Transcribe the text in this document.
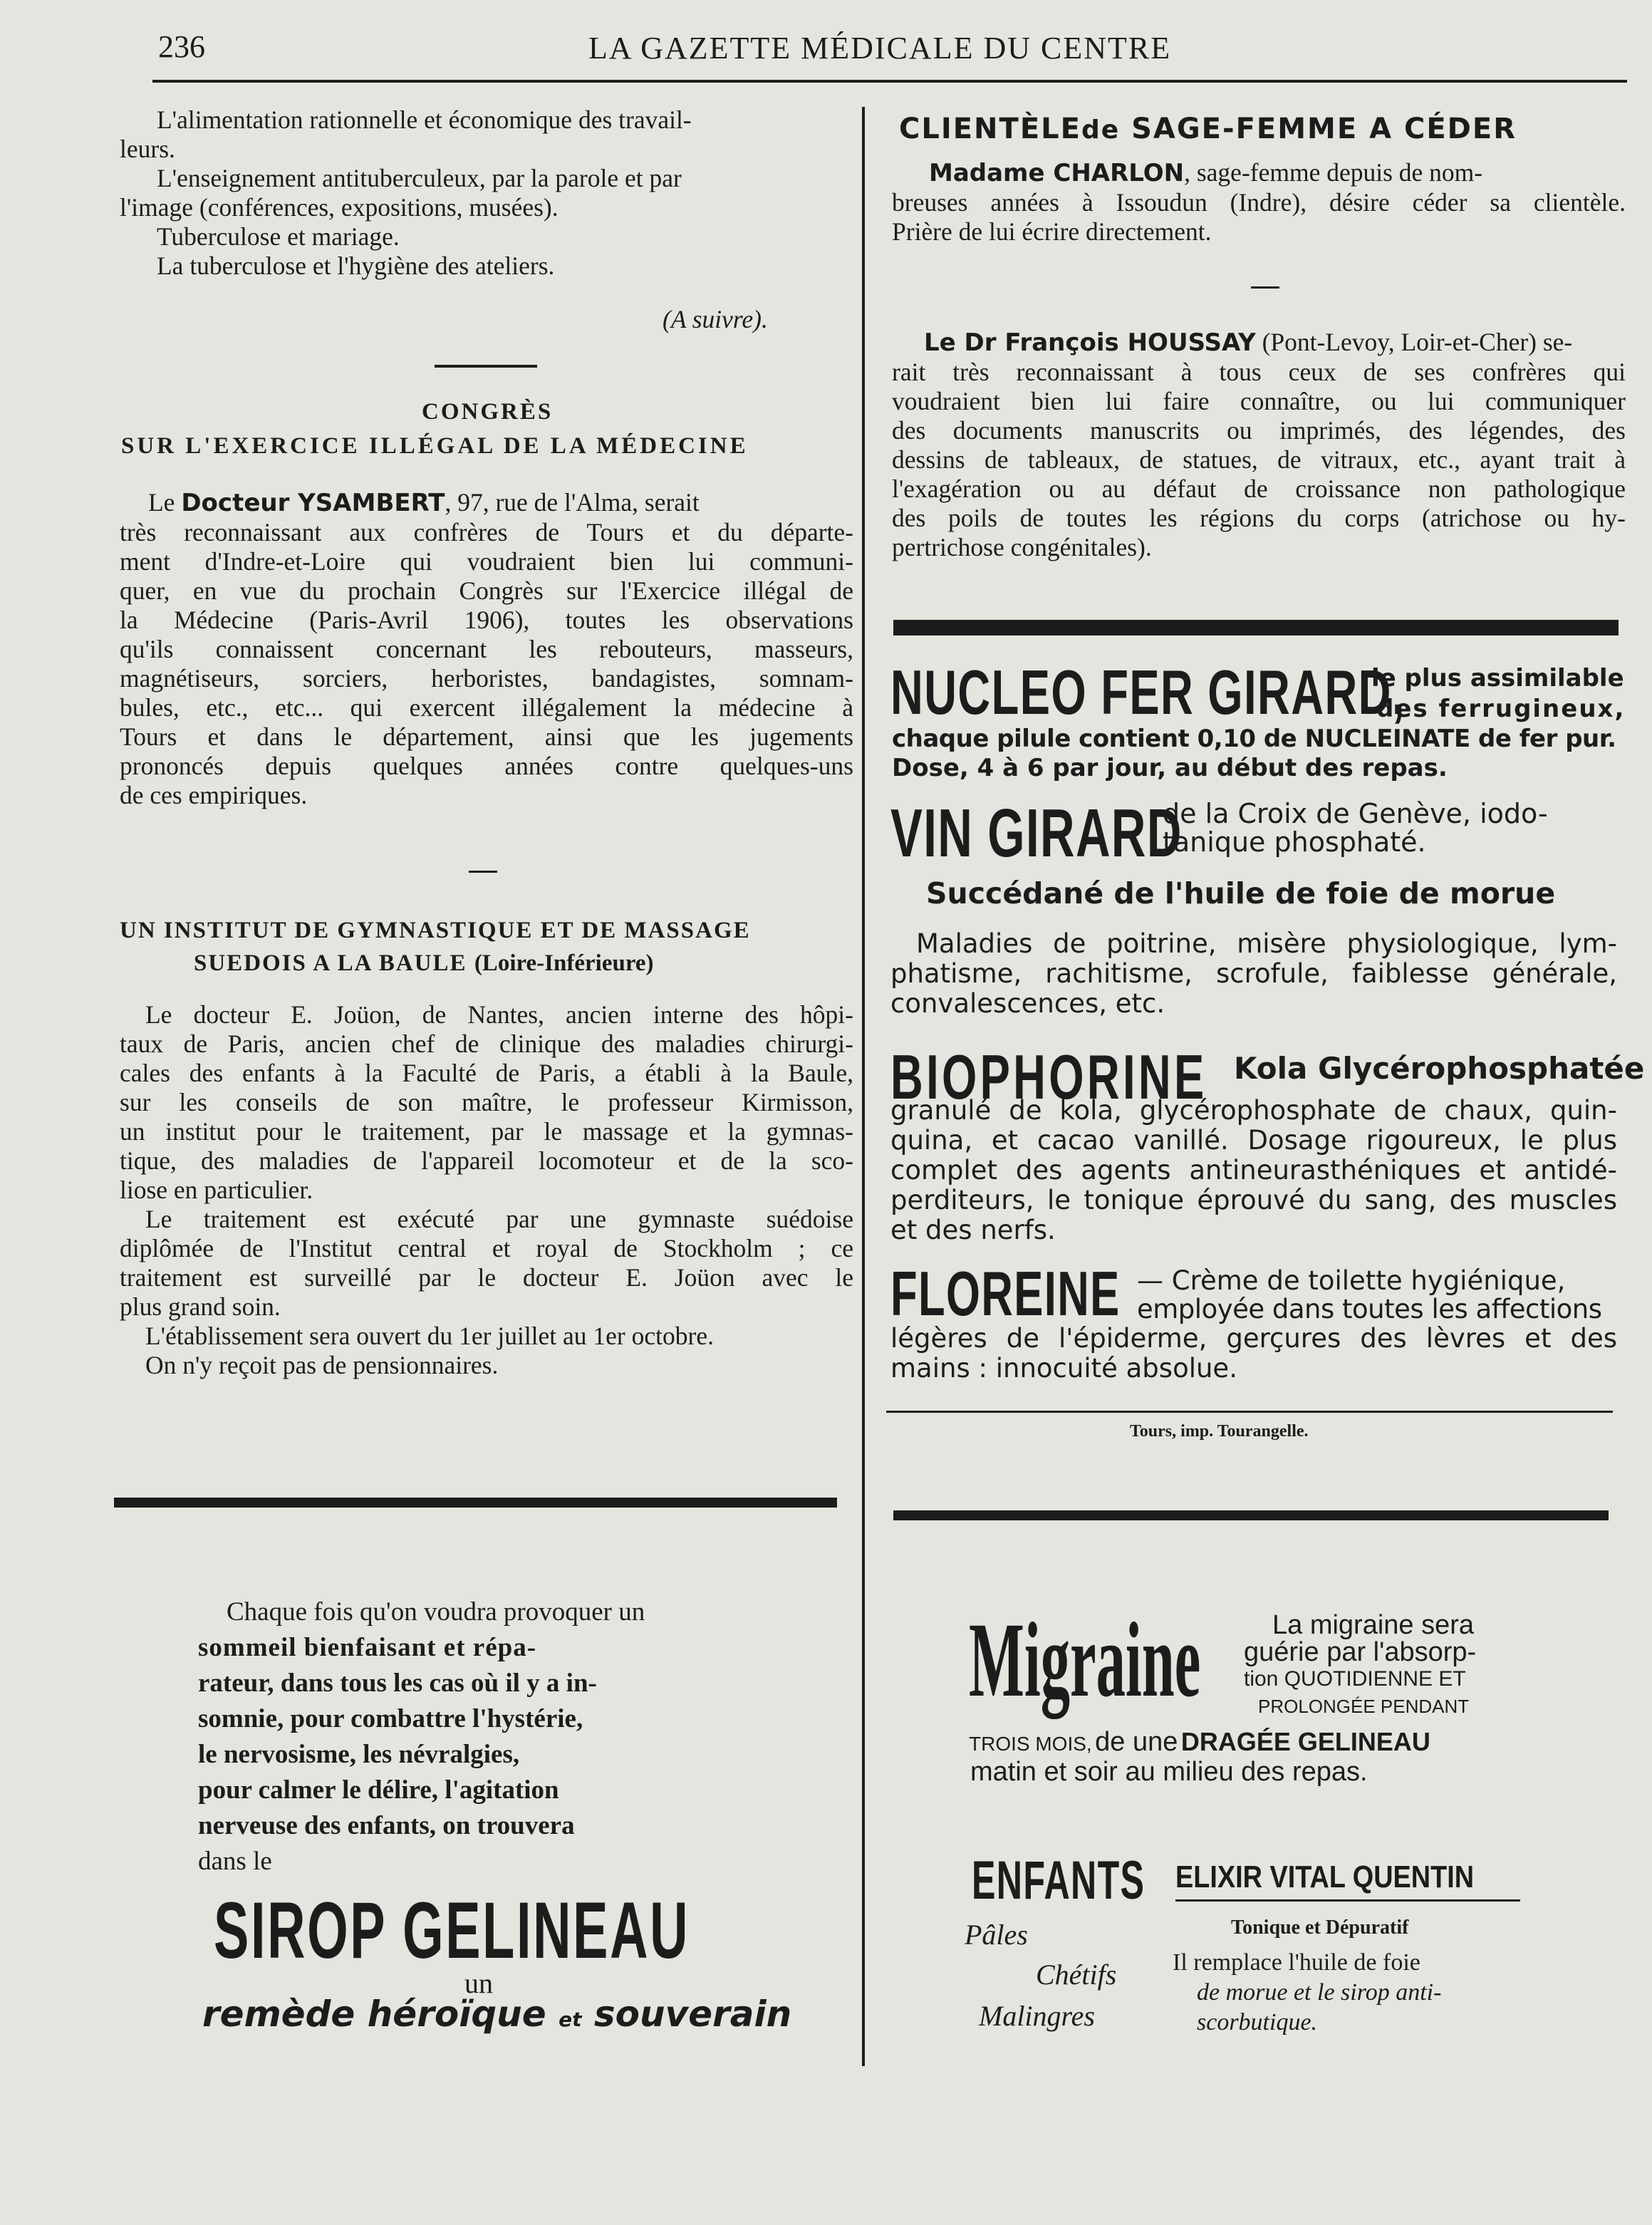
236	LA GAZETTE MÉDICALE DU CENTRE
L'alimentation rationnelle et économique des travail-
leurs.
L'enseignement antituberculeux, par la parole et par
l'image (conférences, expositions, musées).
Tuberculose et mariage.
La tuberculose et l'hygiène des ateliers.
(A suivre).
CONGRÈS
SUR L'EXERCICE ILLÉGAL DE LA MÉDECINE
Le Docteur YSAMBERT, 97, rue de l'Alma, serait
très reconnaissant aux confrères de Tours et du départe-
ment d'Indre-et-Loire qui voudraient bien lui communi-
quer, en vue du prochain Congrès sur l'Exercice illégal de
la Médecine (Paris-Avril 1906), toutes les observations
qu'ils connaissent concernant les rebouteurs, masseurs,
magnétiseurs, sorciers, herboristes, bandagistes, somnam-
bules, etc., etc... qui exercent illégalement la médecine à
Tours et dans le département, ainsi que les jugements
prononcés depuis quelques années contre quelques-uns
de ces empiriques.
UN INSTITUT DE GYMNASTIQUE ET DE MASSAGE
SUEDOIS A LA BAULE (Loire-Inférieure)
Le docteur E. Joüon, de Nantes, ancien interne des hôpi-
taux de Paris, ancien chef de clinique des maladies chirurgi-
cales des enfants à la Faculté de Paris, a établi à la Baule,
sur les conseils de son maître, le professeur Kirmisson,
un institut pour le traitement, par le massage et la gymnas-
tique, des maladies de l'appareil locomoteur et de la sco-
liose en particulier.
Le traitement est exécuté par une gymnaste suédoise
diplômée de l'Institut central et royal de Stockholm ; ce
traitement est surveillé par le docteur E. Joüon avec le
plus grand soin.
L'établissement sera ouvert du 1er juillet au 1er octobre.
On n'y reçoit pas de pensionnaires.
Chaque fois qu'on voudra provoquer un
sommeil bienfaisant et répa-
rateur, dans tous les cas où il y a in-
somnie, pour combattre l'hystérie,
le nervosisme, les névralgies,
pour calmer le délire, l'agitation
nerveuse des enfants, on trouvera
dans le
SIROP GELINEAU
un
remède héroïque et souverain
CLIENTÈLEde SAGE-FEMME A CÉDER
Madame CHARLON, sage-femme depuis de nom-
breuses années à Issoudun (Indre), désire céder sa clientèle.
Prière de lui écrire directement.
Le Dr François HOUSSAY (Pont-Levoy, Loir-et-Cher) se-
rait très reconnaissant à tous ceux de ses confrères qui
voudraient bien lui faire connaître, ou lui communiquer
des documents manuscrits ou imprimés, des légendes, des
dessins de tableaux, de statues, de vitraux, etc., ayant trait à
l'exagération ou au défaut de croissance non pathologique
des poils de toutes les régions du corps (atrichose ou hy-
pertrichose congénitales).
NUCLEO FER GIRARD,
le plus assimilable
des ferrugineux,
chaque pilule contient 0,10 de NUCLEINATE de fer pur.
Dose, 4 à 6 par jour, au début des repas.
VIN GIRARD
de la Croix de Genève, iodo-
tanique phosphaté.
Succédané de l'huile de foie de morue
Maladies de poitrine, misère physiologique, lym-
phatisme, rachitisme, scrofule, faiblesse générale,
convalescences, etc.
BIOPHORINE Kola Glycérophosphatée
granulé de kola, glycérophosphate de chaux, quin-
quina, et cacao vanillé. Dosage rigoureux, le plus
complet des agents antineurasthéniques et antidé-
perditeurs, le tonique éprouvé du sang, des muscles
et des nerfs.
FLOREINE — Crème de toilette hygiénique,
employée dans toutes les affections
légères de l'épiderme, gerçures des lèvres et des
mains : innocuité absolue.
Tours, imp. Tourangelle.
Migraine	La migraine sera
guérie par l'absorp-
tion QUOTIDIENNE ET
PROLONGÉE PENDANT
TROIS MOIS, de une DRAGÉE GELINEAU
matin et soir au milieu des repas.
ENFANTS ELIXIR VITAL QUENTIN
Tonique et Dépuratif
Pâles
Chétifs
Malingres
Il remplace l'huile de foie
de morue et le sirop anti-
scorbutique.
